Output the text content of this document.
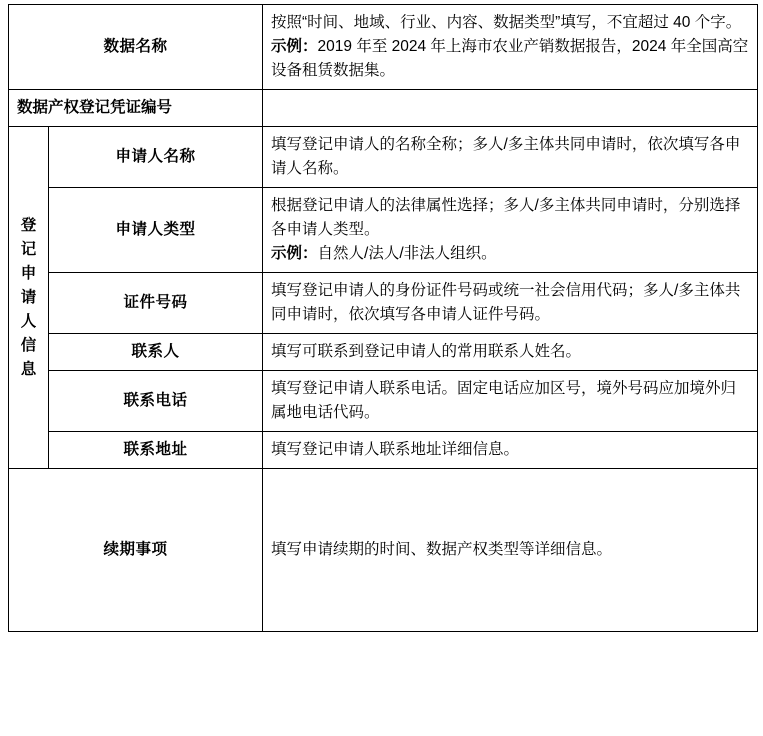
数据名称		按照“时间、地域、行业、内容、数据类型”填写，不宜超过 40 个字。

示例：2019 年至 2024 年上海市农业产销数据报告，2024 年全国高空设备租赁数据集。

数据产权登记凭证编号		
登记申请人信息	申请人名称	填写登记申请人的名称全称；多人/多主体共同申请时，依次填写各申请人名称。
	申请人类型	根据登记申请人的法律属性选择；多人/多主体共同申请时，分别选择各申请人类型。

示例：自然人/法人/非法人组织。

	证件号码	填写登记申请人的身份证件号码或统一社会信用代码；多人/多主体共同申请时，依次填写各申请人证件号码。
	联系人	填写可联系到登记申请人的常用联系人姓名。
	联系电话	填写登记申请人联系电话。固定电话应加区号，境外号码应加境外归属地电话代码。
	联系地址	填写登记申请人联系地址详细信息。
续期事项		填写申请续期的时间、数据产权类型等详细信息。
